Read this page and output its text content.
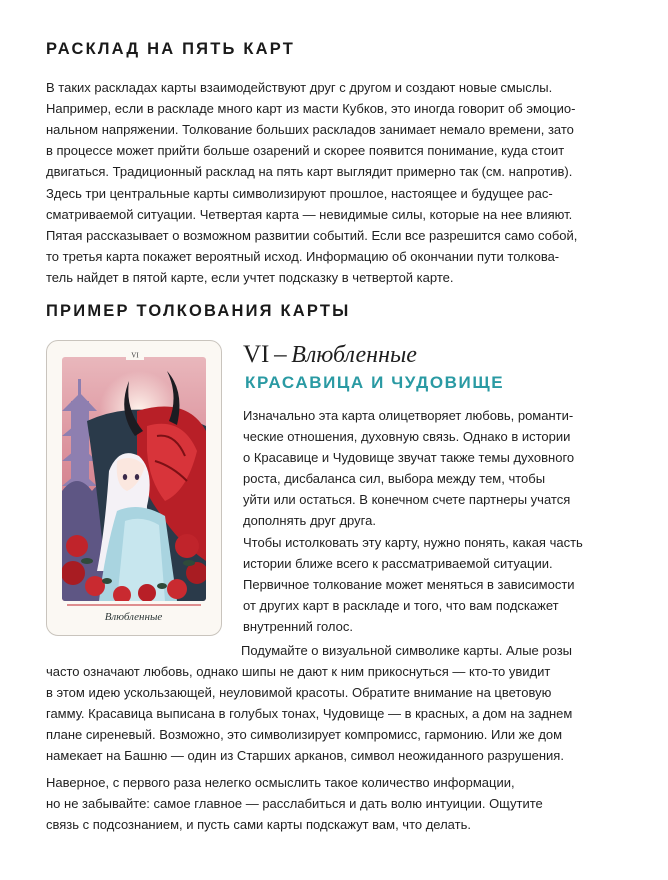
РАСКЛАД НА ПЯТЬ КАРТ
В таких раскладах карты взаимодействуют друг с другом и создают новые смыслы.
Например, если в раскладе много карт из масти Кубков, это иногда говорит об эмоцио-
нальном напряжении. Толкование больших раскладов занимает немало времени, зато
в процессе может прийти больше озарений и скорее появится понимание, куда стоит
двигаться. Традиционный расклад на пять карт выглядит примерно так (см. напротив).
Здесь три центральные карты символизируют прошлое, настоящее и будущее рас-
сматриваемой ситуации. Четвертая карта — невидимые силы, которые на нее влияют.
Пятая рассказывает о возможном развитии событий. Если все разрешится само собой,
то третья карта покажет вероятный исход. Информацию об окончании пути толкова-
тель найдет в пятой карте, если учтет подсказку в четвертой карте.
ПРИМЕР ТОЛКОВАНИЯ КАРТЫ
VI
Влюбленные
VI – Влюбленные
КРАСАВИЦА И ЧУДОВИЩЕ
Изначально эта карта олицетворяет любовь, романти-
ческие отношения, духовную связь. Однако в истории
о Красавице и Чудовище звучат также темы духовного
роста, дисбаланса сил, выбора между тем, чтобы
уйти или остаться. В конечном счете партнеры учатся
дополнять друг друга.
Чтобы истолковать эту карту, нужно понять, какая часть
истории ближе всего к рассматриваемой ситуации.
Первичное толкование может меняться в зависимости
от других карт в раскладе и того, что вам подскажет
внутренний голос.
Подумайте о визуальной символике карты. Алые розы
часто означают любовь, однако шипы не дают к ним прикоснуться — кто-то увидит
в этом идею ускользающей, неуловимой красоты. Обратите внимание на цветовую
гамму. Красавица выписана в голубых тонах, Чудовище — в красных, а дом на заднем
плане сиреневый. Возможно, это символизирует компромисс, гармонию. Или же дом
намекает на Башню — один из Старших арканов, символ неожиданного разрушения.
Наверное, с первого раза нелегко осмыслить такое количество информации,
но не забывайте: самое главное — расслабиться и дать волю интуиции. Ощутите
связь с подсознанием, и пусть сами карты подскажут вам, что делать.
